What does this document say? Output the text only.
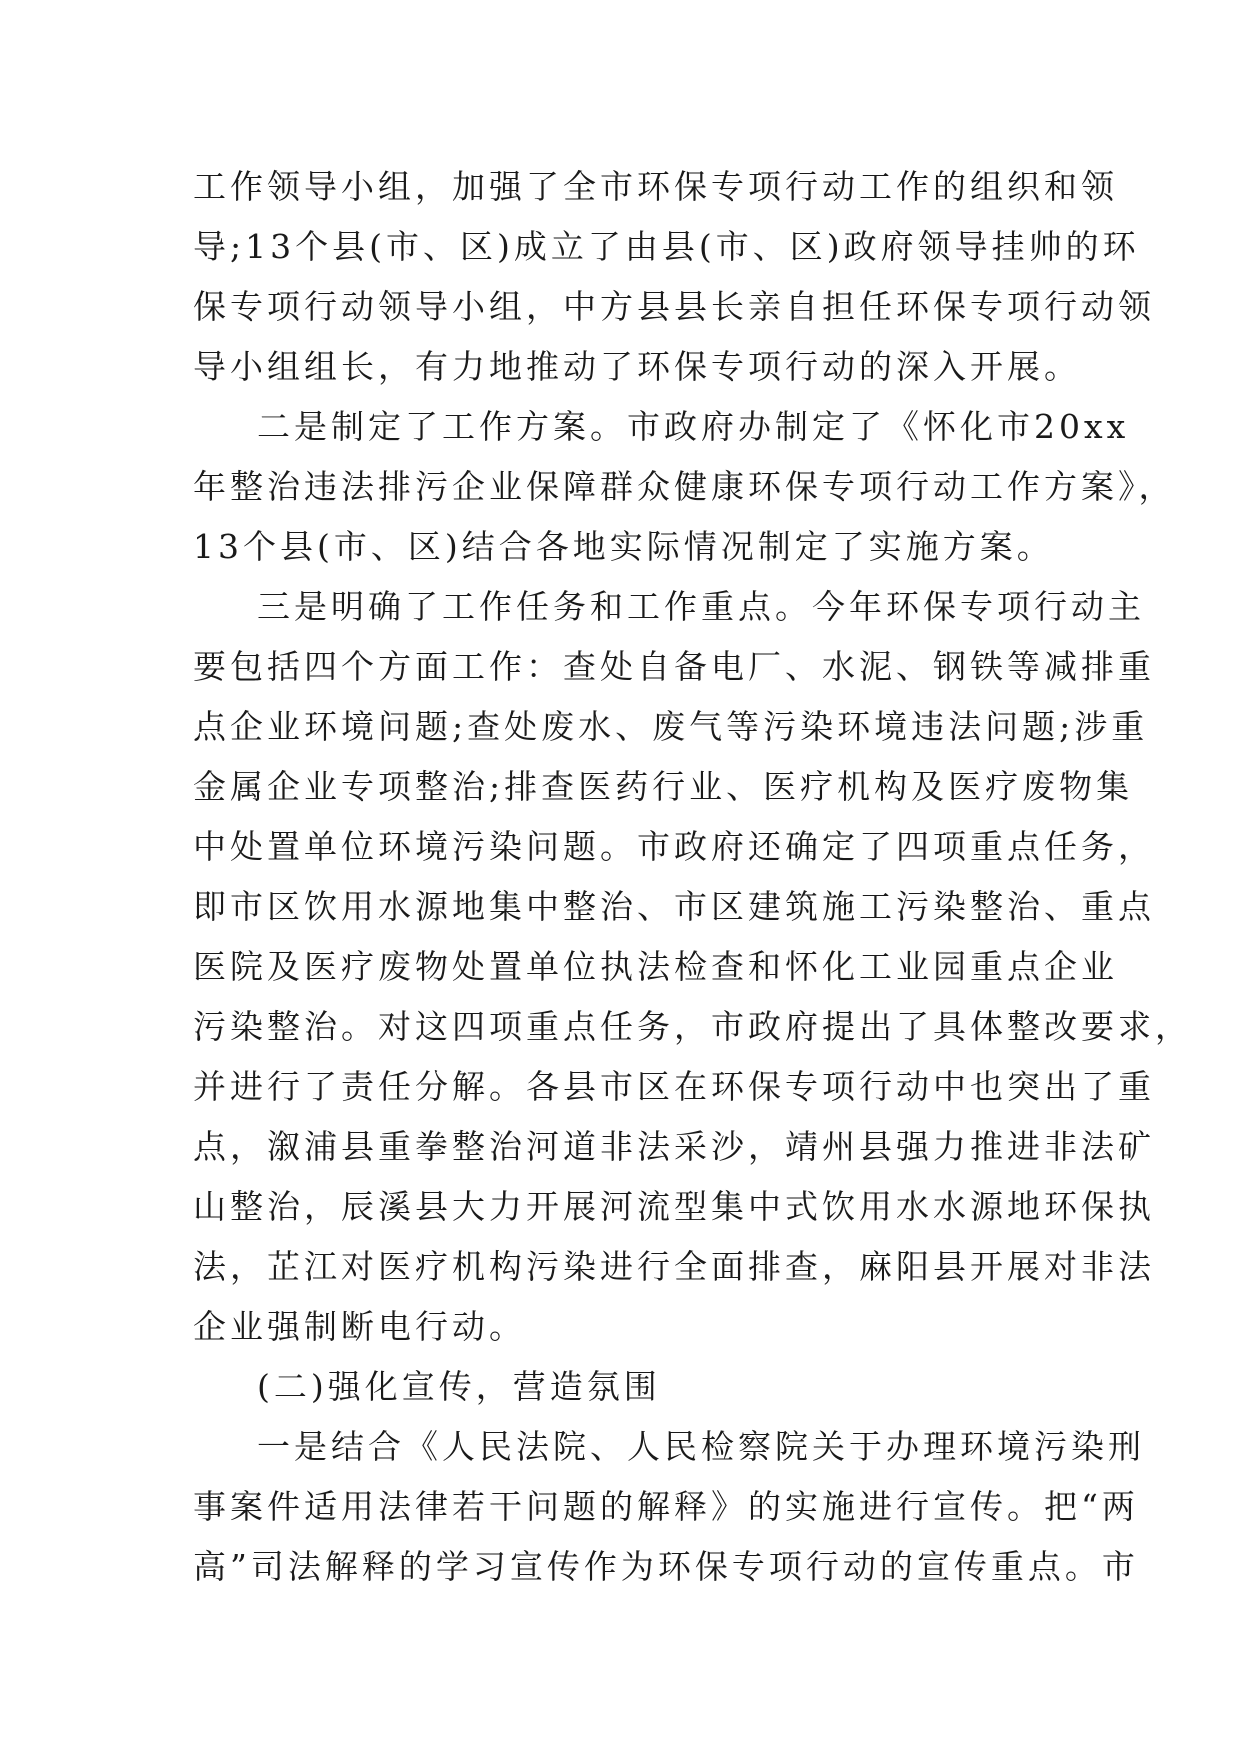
工作领导小组，加强了全市环保专项行动工作的组织和领
导;13个县(市、区)成立了由县(市、区)政府领导挂帅的环
保专项行动领导小组，中方县县长亲自担任环保专项行动领
导小组组长，有力地推动了环保专项行动的深入开展。
二是制定了工作方案。市政府办制定了《怀化市20xx
年整治违法排污企业保障群众健康环保专项行动工作方案》，
13个县(市、区)结合各地实际情况制定了实施方案。
三是明确了工作任务和工作重点。今年环保专项行动主
要包括四个方面工作：查处自备电厂、水泥、钢铁等减排重
点企业环境问题;查处废水、废气等污染环境违法问题;涉重
金属企业专项整治;排查医药行业、医疗机构及医疗废物集
中处置单位环境污染问题。市政府还确定了四项重点任务，
即市区饮用水源地集中整治、市区建筑施工污染整治、重点
医院及医疗废物处置单位执法检查和怀化工业园重点企业
污染整治。对这四项重点任务，市政府提出了具体整改要求，
并进行了责任分解。各县市区在环保专项行动中也突出了重
点，溆浦县重拳整治河道非法采沙，靖州县强力推进非法矿
山整治，辰溪县大力开展河流型集中式饮用水水源地环保执
法，芷江对医疗机构污染进行全面排查，麻阳县开展对非法
企业强制断电行动。
(二)强化宣传，营造氛围
一是结合《人民法院、人民检察院关于办理环境污染刑
事案件适用法律若干问题的解释》的实施进行宣传。把“两
高”司法解释的学习宣传作为环保专项行动的宣传重点。市
